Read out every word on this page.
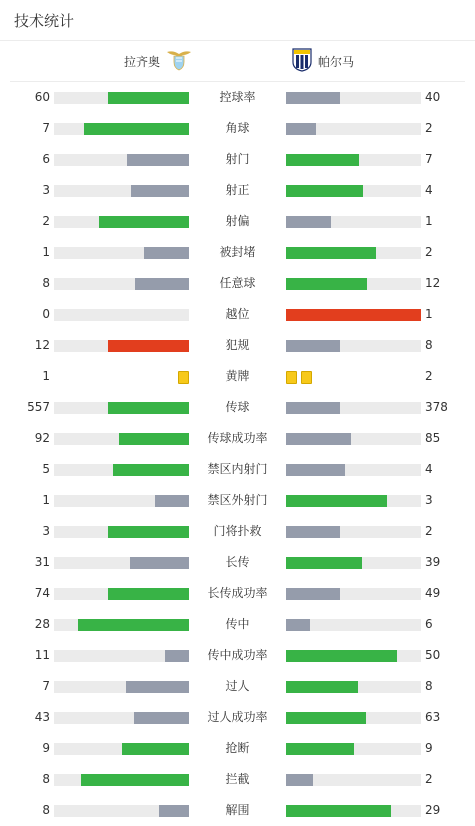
技术统计
拉齐奥	帕尔马
60	控球率	40
7	角球	2
6	射门	7
3	射正	4
2	射偏	1
1	被封堵	2
8	任意球	12
0	越位	1
12	犯规	8
1	黄牌	2
557	传球	378
92	传球成功率	85
5	禁区内射门	4
1	禁区外射门	3
3	门将扑救	2
31	长传	39
74	长传成功率	49
28	传中	6
11	传中成功率	50
7	过人	8
43	过人成功率	63
9	抢断	9
8	拦截	2
8	解围	29
